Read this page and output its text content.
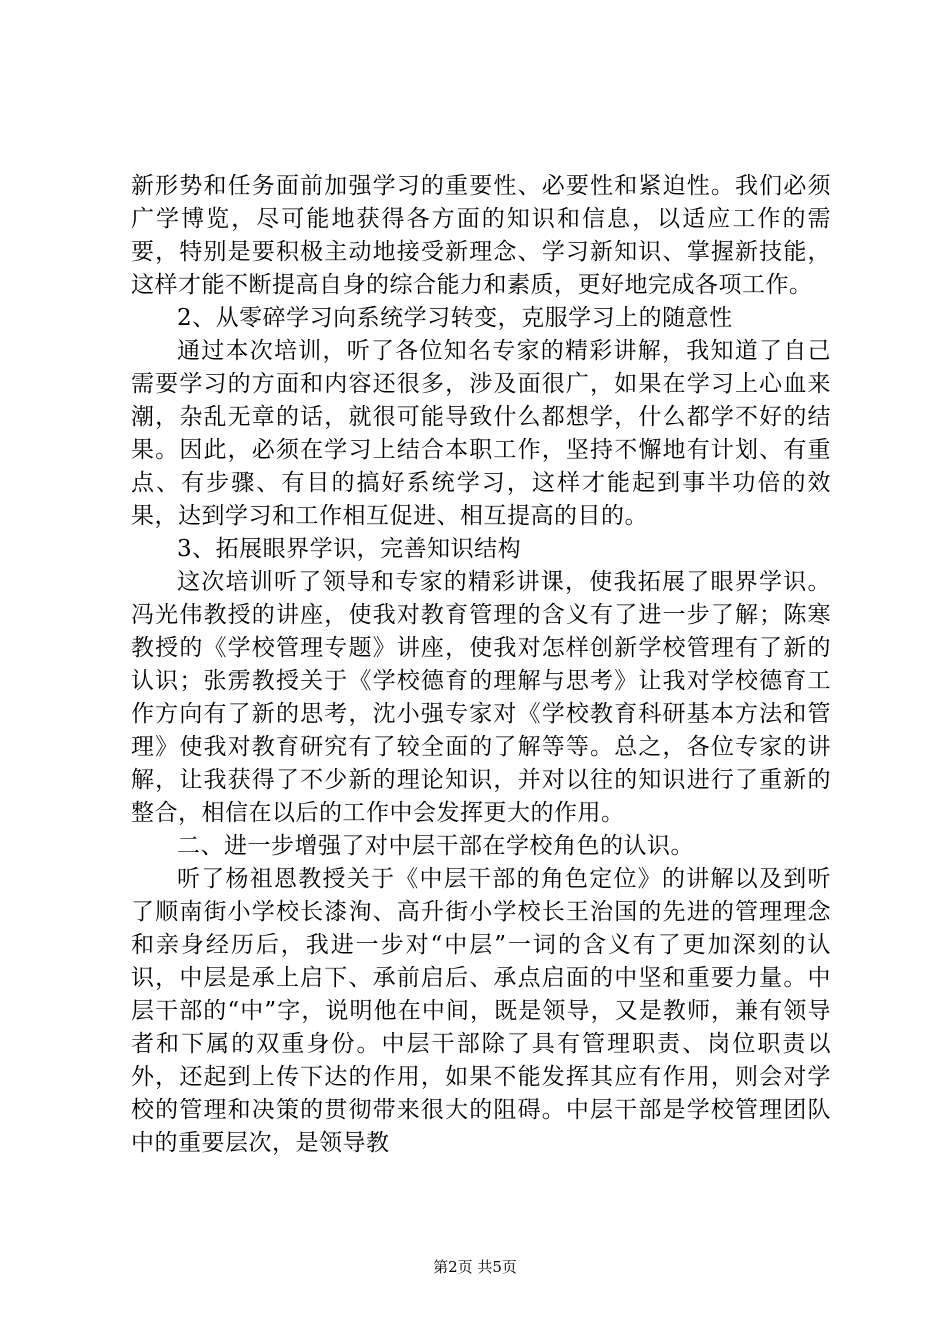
新形势和任务面前加强学习的重要性、必要性和紧迫性。我们必须广学博览，尽可能地获得各方面的知识和信息，以适应工作的需要，特别是要积极主动地接受新理念、学习新知识、掌握新技能，这样才能不断提高自身的综合能力和素质，更好地完成各项工作。

2、从零碎学习向系统学习转变，克服学习上的随意性

通过本次培训，听了各位知名专家的精彩讲解，我知道了自己需要学习的方面和内容还很多，涉及面很广，如果在学习上心血来潮，杂乱无章的话，就很可能导致什么都想学，什么都学不好的结果。因此，必须在学习上结合本职工作，坚持不懈地有计划、有重点、有步骤、有目的搞好系统学习，这样才能起到事半功倍的效果，达到学习和工作相互促进、相互提高的目的。

3、拓展眼界学识，完善知识结构

这次培训听了领导和专家的精彩讲课，使我拓展了眼界学识。冯光伟教授的讲座，使我对教育管理的含义有了进一步了解；陈寒教授的《学校管理专题》讲座，使我对怎样创新学校管理有了新的认识；张雳教授关于《学校德育的理解与思考》让我对学校德育工作方向有了新的思考，沈小强专家对《学校教育科研基本方法和管理》使我对教育研究有了较全面的了解等等。总之，各位专家的讲解，让我获得了不少新的理论知识，并对以往的知识进行了重新的整合，相信在以后的工作中会发挥更大的作用。

二、进一步增强了对中层干部在学校角色的认识。

听了杨祖恩教授关于《中层干部的角色定位》的讲解以及到听了顺南街小学校长漆洵、高升街小学校长王治国的先进的管理理念和亲身经历后，我进一步对“中层”一词的含义有了更加深刻的认识，中层是承上启下、承前启后、承点启面的中坚和重要力量。中层干部的“中”字，说明他在中间，既是领导，又是教师，兼有领导者和下属的双重身份。中层干部除了具有管理职责、岗位职责以外，还起到上传下达的作用，如果不能发挥其应有作用，则会对学校的管理和决策的贯彻带来很大的阻碍。中层干部是学校管理团队中的重要层次，是领导教

第2页 共5页
